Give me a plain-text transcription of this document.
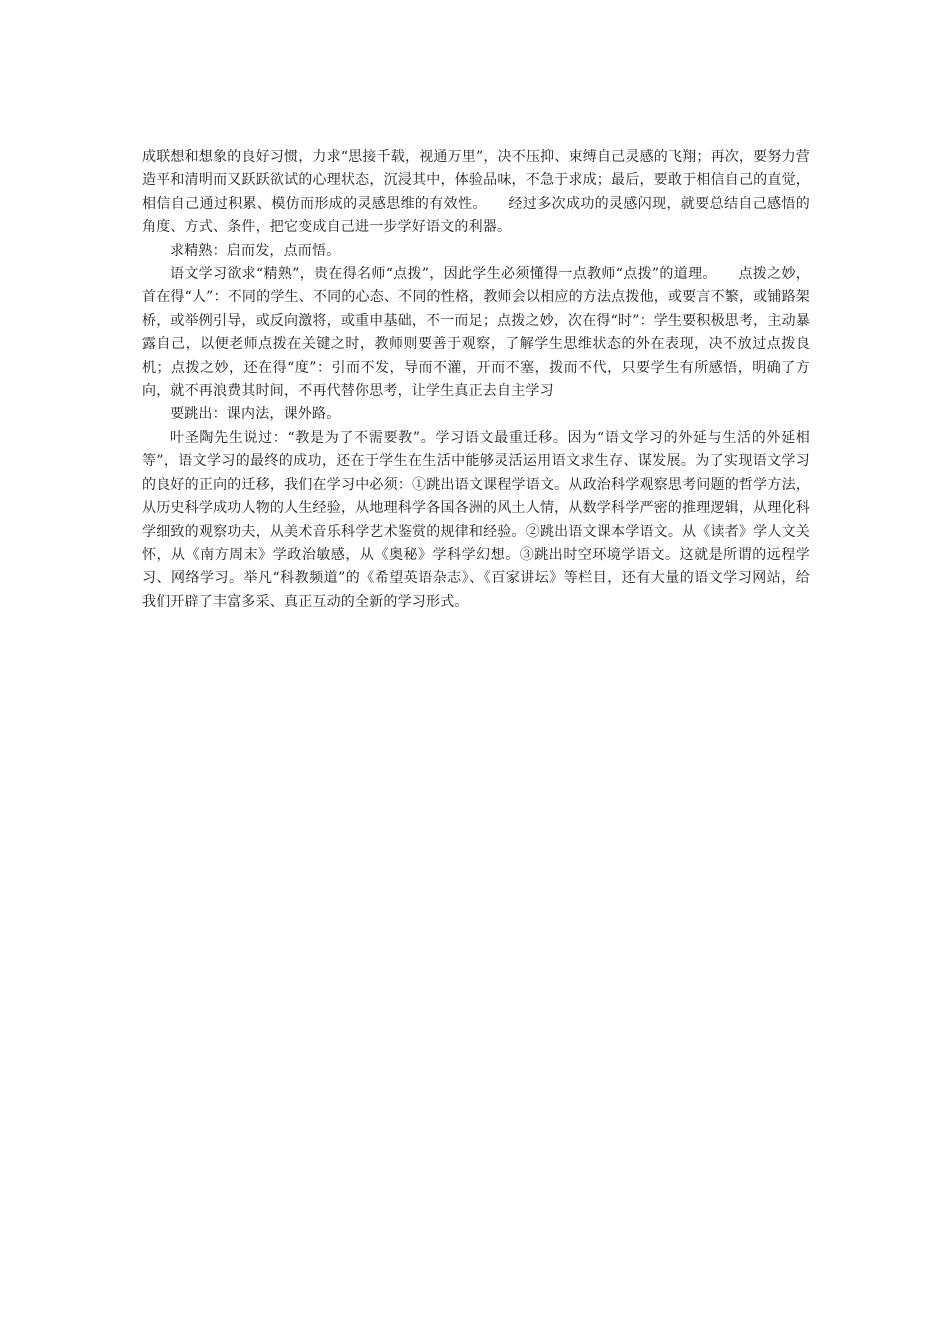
成联想和想象的良好习惯，力求“思接千载，视通万里”，决不压抑、束缚自己灵感的飞翔；再次，要努力营造平和清明而又跃跃欲试的心理状态，沉浸其中，体验品味，不急于求成；最后，要敢于相信自己的直觉，相信自己通过积累、模仿而形成的灵感思维的有效性。　　经过多次成功的灵感闪现，就要总结自己感悟的角度、方式、条件，把它变成自己进一步学好语文的利器。

求精熟：启而发，点而悟。

语文学习欲求“精熟”，贵在得名师“点拨”，因此学生必须懂得一点教师“点拨”的道理。　　点拨之妙，首在得“人”：不同的学生、不同的心态、不同的性格，教师会以相应的方法点拨他，或要言不繁，或铺路架桥，或举例引导，或反向激将，或重申基础，不一而足；点拨之妙，次在得“时”：学生要积极思考，主动暴露自己，以便老师点拨在关键之时，教师则要善于观察，了解学生思维状态的外在表现，决不放过点拨良机；点拨之妙，还在得“度”：引而不发，导而不灌，开而不塞，拨而不代，只要学生有所感悟，明确了方向，就不再浪费其时间，不再代替你思考，让学生真正去自主学习

要跳出：课内法，课外路。

叶圣陶先生说过：“教是为了不需要教”。学习语文最重迁移。因为“语文学习的外延与生活的外延相等”，语文学习的最终的成功，还在于学生在生活中能够灵活运用语文求生存、谋发展。为了实现语文学习的良好的正向的迁移，我们在学习中必须：①跳出语文课程学语文。从政治科学观察思考问题的哲学方法，从历史科学成功人物的人生经验，从地理科学各国各洲的风土人情，从数学科学严密的推理逻辑，从理化科学细致的观察功夫，从美术音乐科学艺术鉴赏的规律和经验。②跳出语文课本学语文。从《读者》学人文关怀，从《南方周末》学政治敏感，从《奥秘》学科学幻想。③跳出时空环境学语文。这就是所谓的远程学习、网络学习。举凡“科教频道”的《希望英语杂志》、《百家讲坛》等栏目，还有大量的语文学习网站，给我们开辟了丰富多采、真正互动的全新的学习形式。
